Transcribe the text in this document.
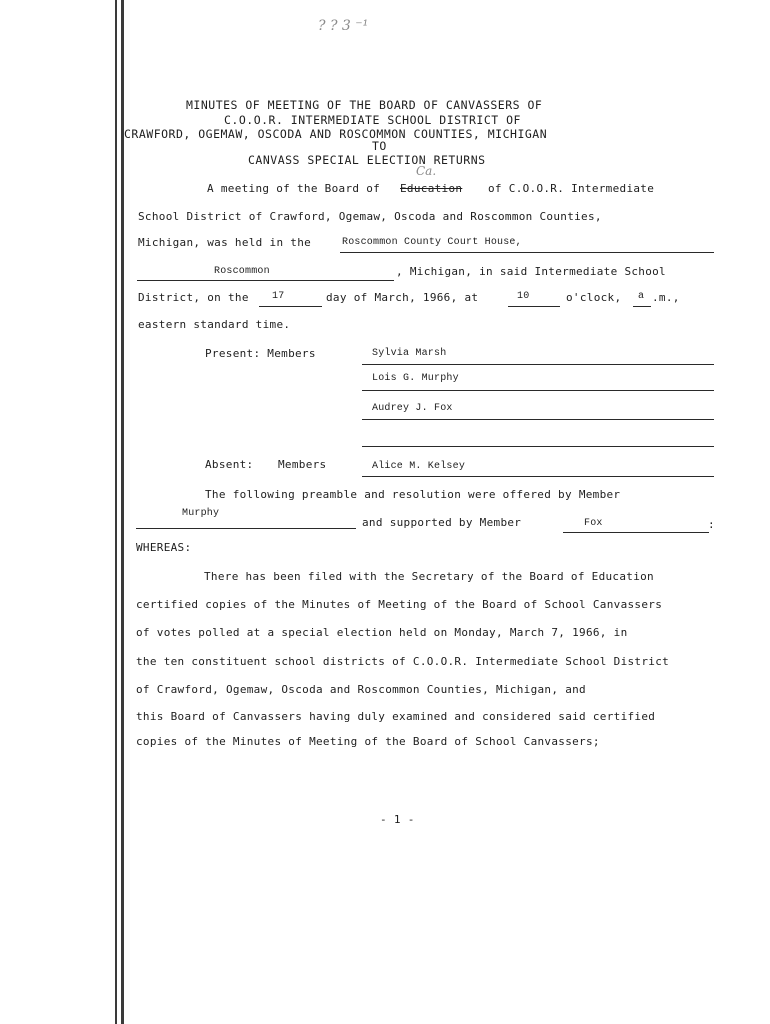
? ? 3 ⁻¹
MINUTES OF MEETING OF THE BOARD OF CANVASSERS OF
C.O.O.R. INTERMEDIATE SCHOOL DISTRICT OF
CRAWFORD, OGEMAW, OSCODA AND ROSCOMMON COUNTIES, MICHIGAN
TO
CANVASS SPECIAL ELECTION RETURNS
A meeting of the Board of Education
Ca.
of C.O.O.R. Intermediate
School District of Crawford, Ogemaw, Oscoda and Roscommon Counties,
Michigan, was held in the	Roscommon County Court House,
Roscommon	, Michigan, in said Intermediate School
District, on the 17	day of March, 1966, at	10	o'clock, a .m.,
eastern standard time.
Present: Members	Sylvia Marsh
Lois G. Murphy
Audrey J. Fox
Absent: Members	Alice M. Kelsey
The following preamble and resolution were offered by Member
Murphy
and supported by Member	Fox	:
WHEREAS:
There has been filed with the Secretary of the Board of Education
certified copies of the Minutes of Meeting of the Board of School Canvassers
of votes polled at a special election held on Monday, March 7, 1966, in
the ten constituent school districts of C.O.O.R. Intermediate School District
of Crawford, Ogemaw, Oscoda and Roscommon Counties, Michigan, and
this Board of Canvassers having duly examined and considered said certified
copies of the Minutes of Meeting of the Board of School Canvassers;
- 1 -
